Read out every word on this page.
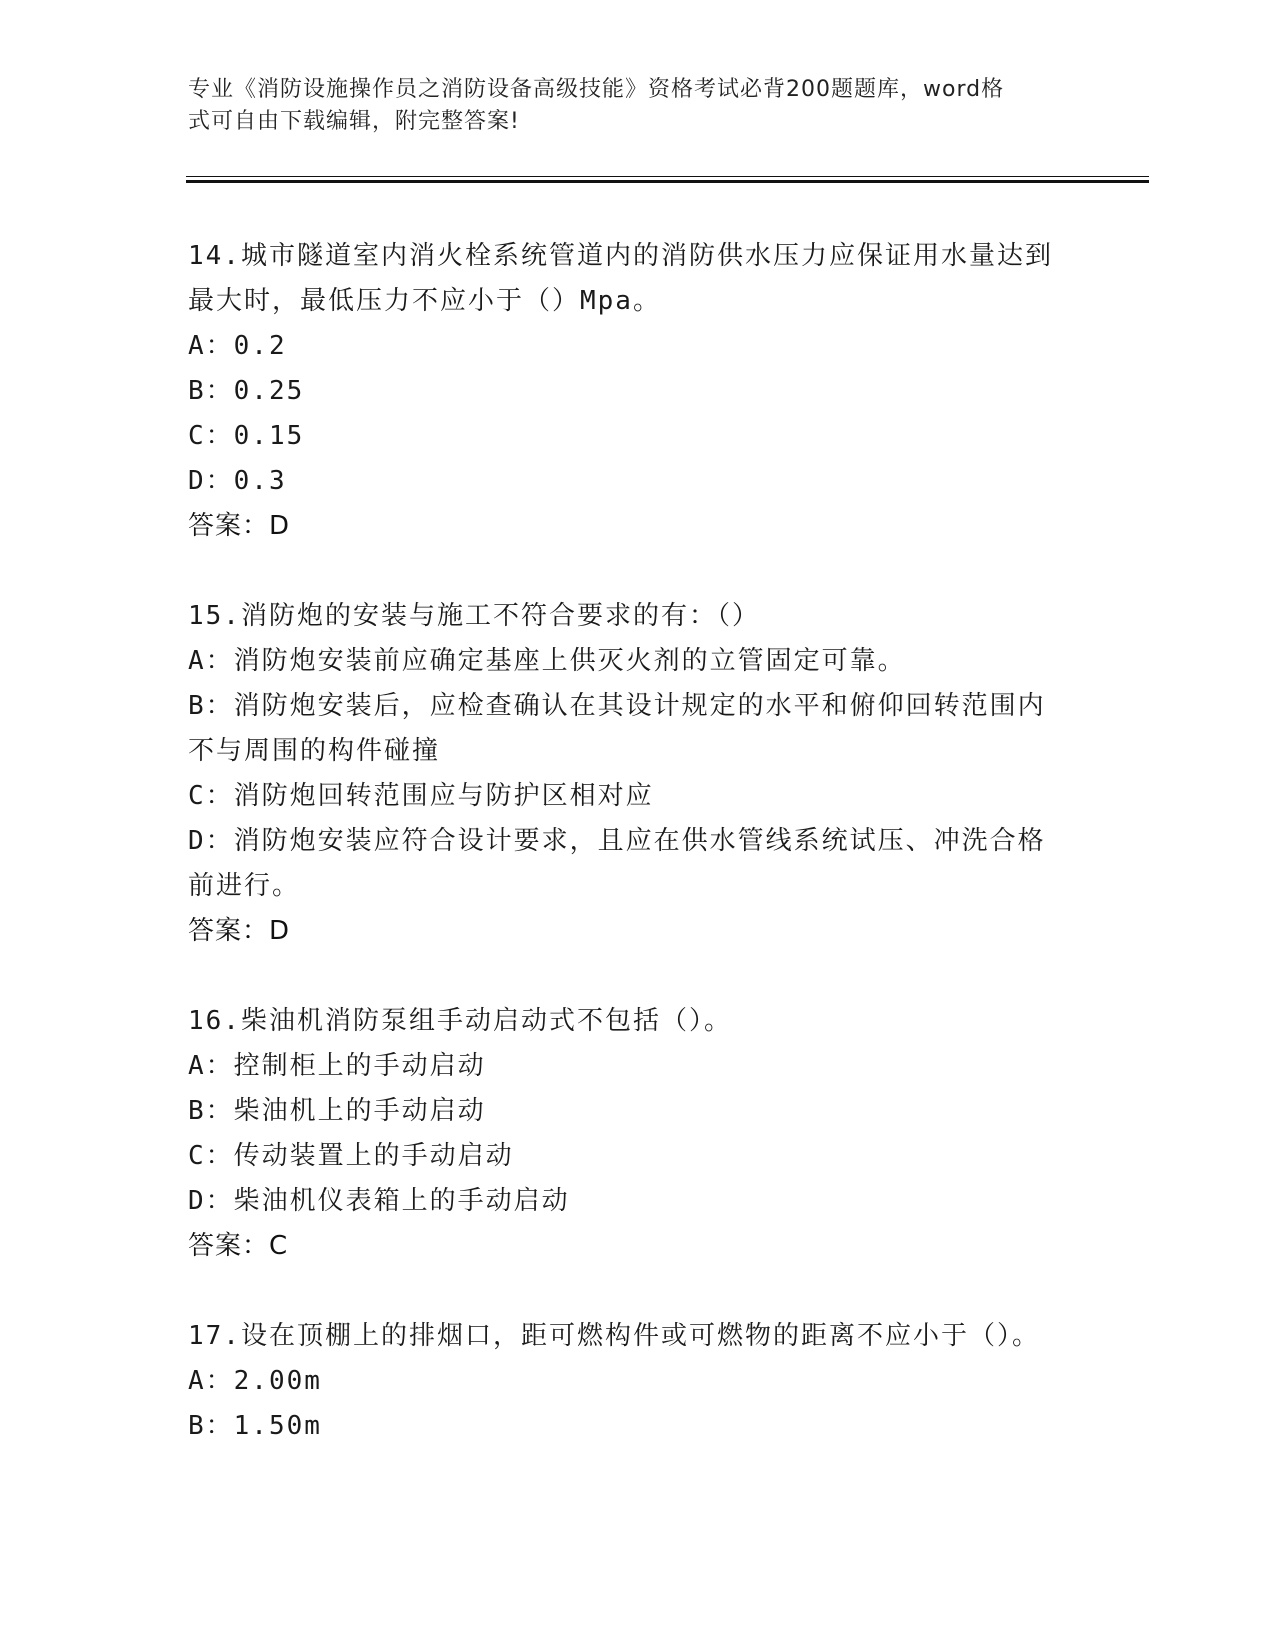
专业《消防设施操作员之消防设备高级技能》资格考试必背200题题库，word格
式可自由下载编辑，附完整答案!
14.城市隧道室内消火栓系统管道内的消防供水压力应保证用水量达到
最大时，最低压力不应小于（）Mpa。
A：0.2
B：0.25
C：0.15
D：0.3
答案：D
15.消防炮的安装与施工不符合要求的有：（）
A：消防炮安装前应确定基座上供灭火剂的立管固定可靠。
B：消防炮安装后，应检查确认在其设计规定的水平和俯仰回转范围内
不与周围的构件碰撞
C：消防炮回转范围应与防护区相对应
D：消防炮安装应符合设计要求，且应在供水管线系统试压、冲洗合格
前进行。
答案：D
16.柴油机消防泵组手动启动式不包括（）。
A：控制柜上的手动启动
B：柴油机上的手动启动
C：传动装置上的手动启动
D：柴油机仪表箱上的手动启动
答案：C
17.设在顶棚上的排烟口，距可燃构件或可燃物的距离不应小于（）。
A：2.00m
B：1.50m
